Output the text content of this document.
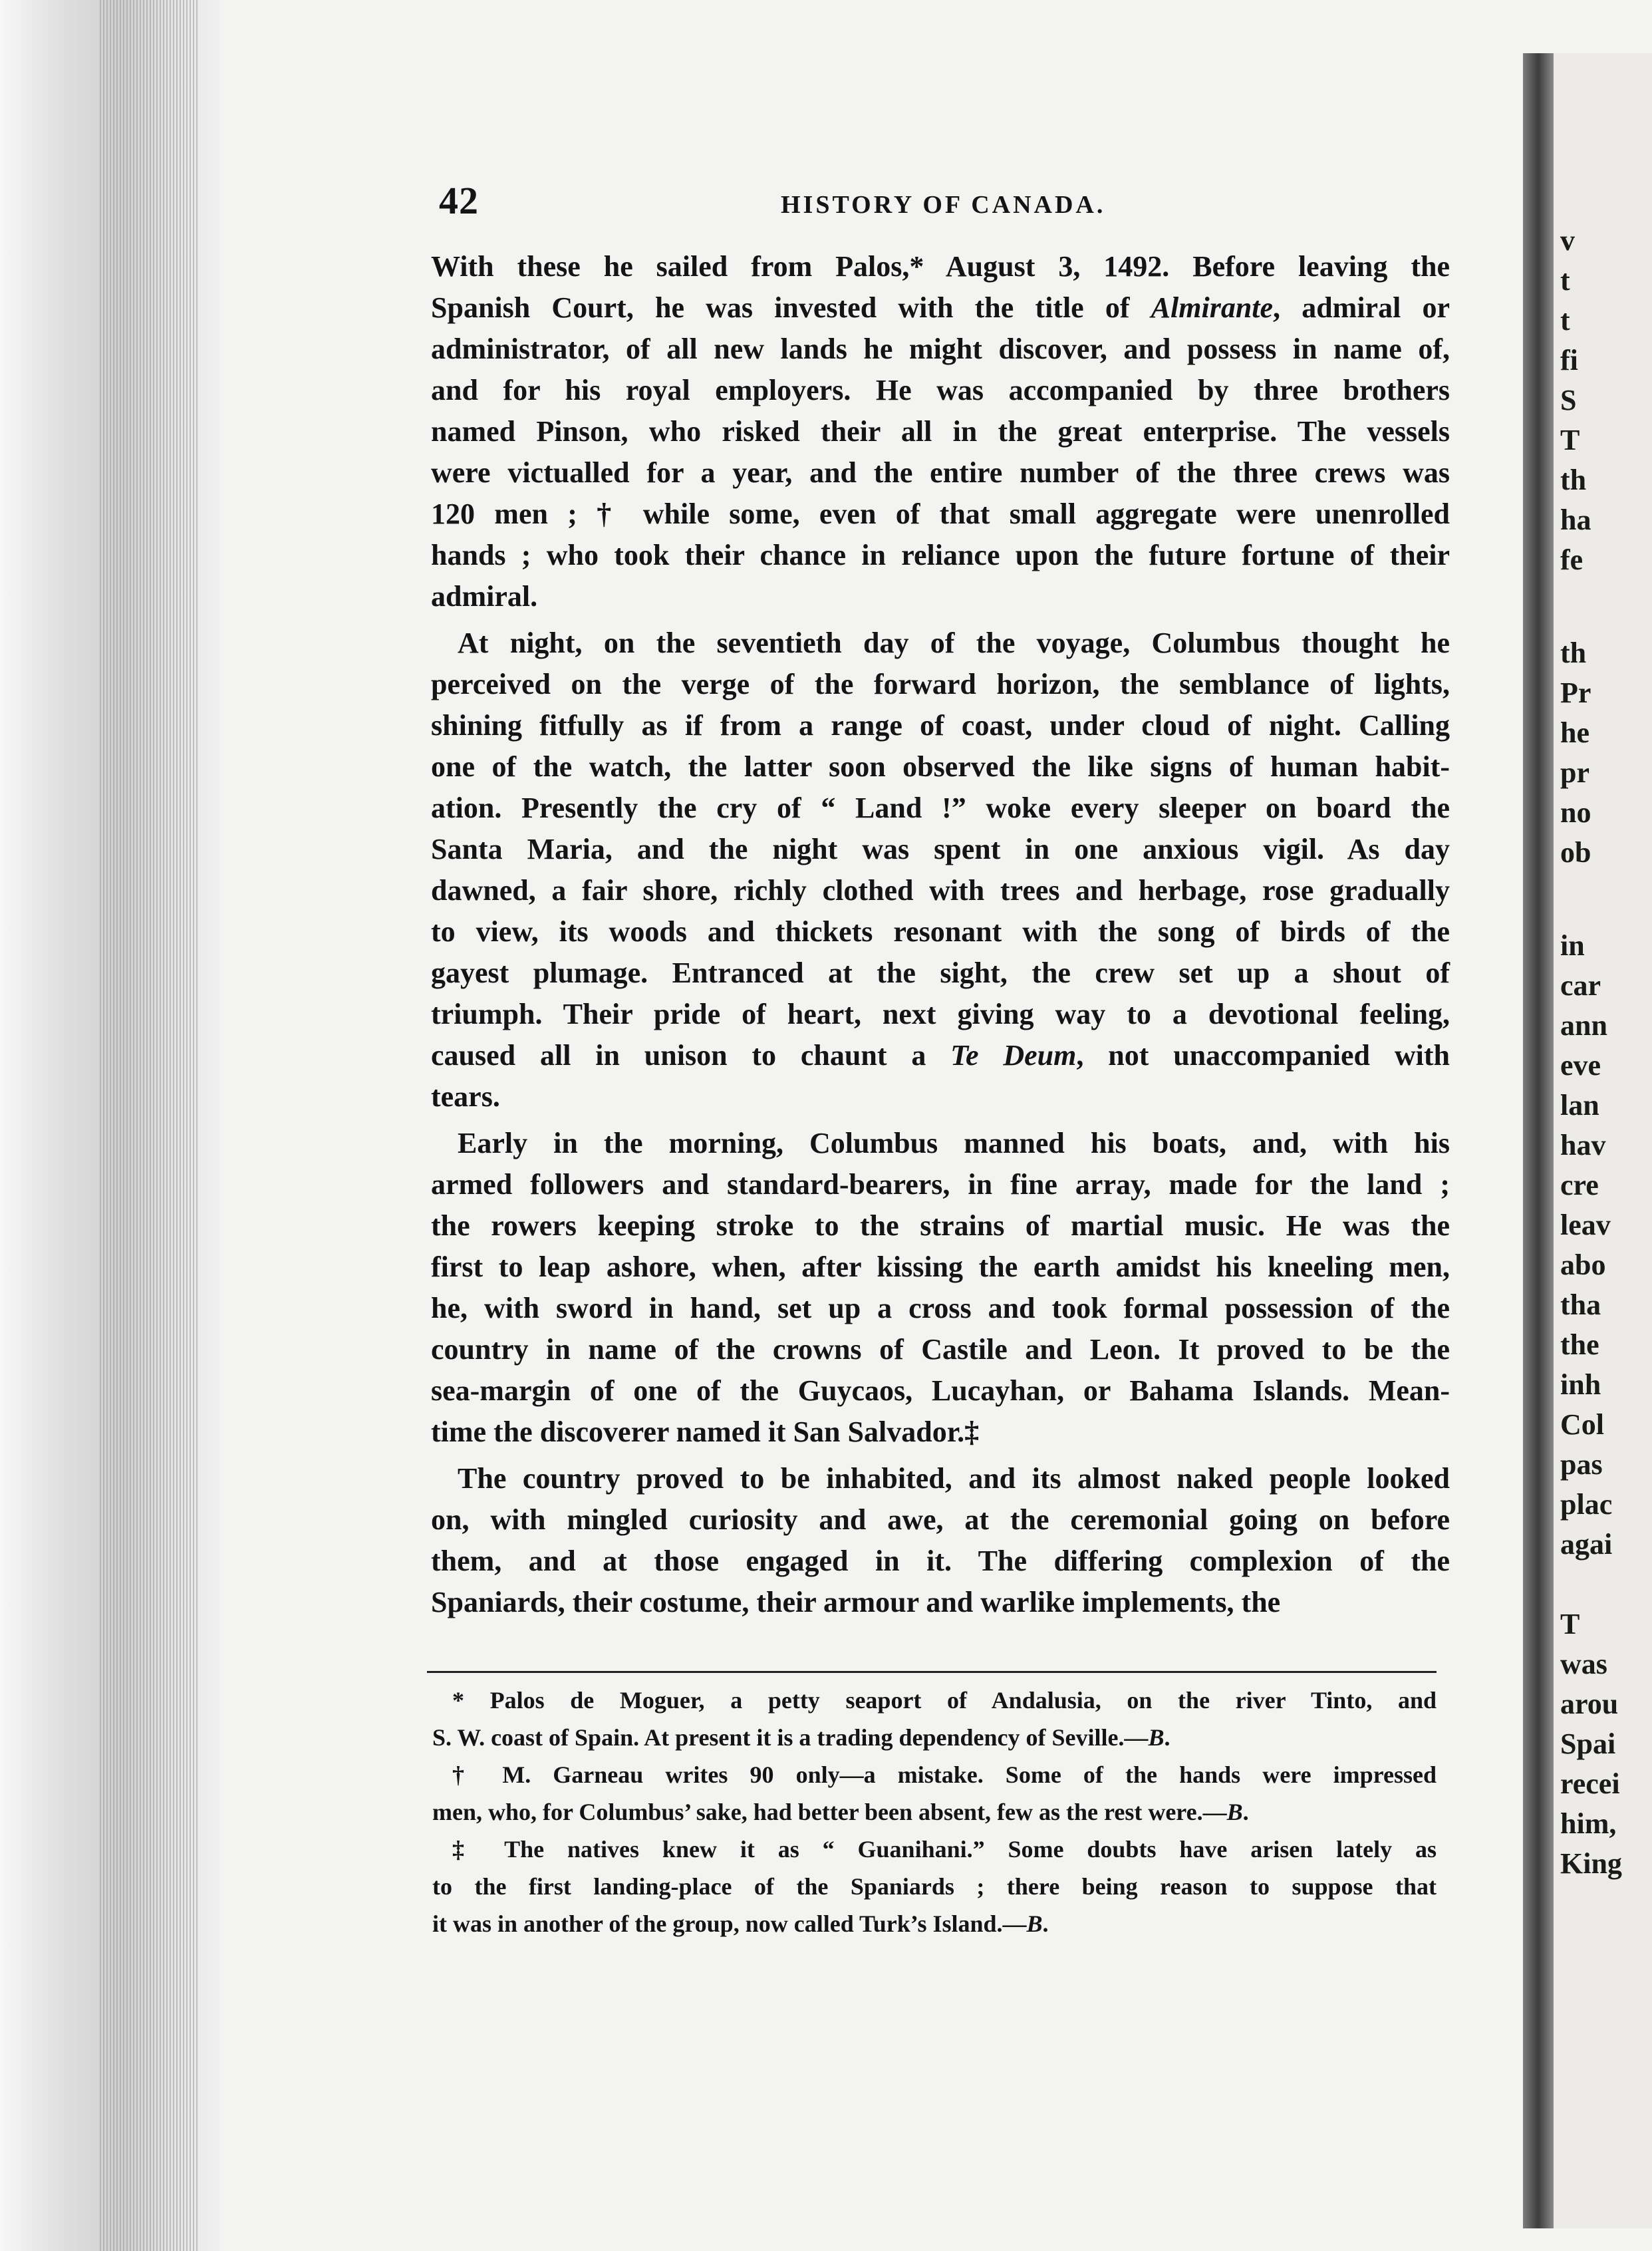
v
t
t
fi
S
T
th
ha
fe
th
Pr
he
pr
no
ob
in
car
ann
eve
lan
hav
cre
leav
abo
tha
the
inh
Col
pas
plac
agai
T
was
arou
Spai
recei
him,
King
42	HISTORY OF CANADA.
With these he sailed from Palos,* August 3, 1492. Before leaving the
Spanish Court, he was invested with the title of Almirante, admiral or
administrator, of all new lands he might discover, and possess in name of,
and for his royal employers. He was accompanied by three brothers
named Pinson, who risked their all in the great enterprise. The vessels
were victualled for a year, and the entire number of the three crews was
120 men ; † while some, even of that small aggregate were unenrolled
hands ; who took their chance in reliance upon the future fortune of their
admiral.
At night, on the seventieth day of the voyage, Columbus thought he
perceived on the verge of the forward horizon, the semblance of lights,
shining fitfully as if from a range of coast, under cloud of night. Calling
one of the watch, the latter soon observed the like signs of human habit-
ation. Presently the cry of “ Land !” woke every sleeper on board the
Santa Maria, and the night was spent in one anxious vigil. As day
dawned, a fair shore, richly clothed with trees and herbage, rose gradually
to view, its woods and thickets resonant with the song of birds of the
gayest plumage. Entranced at the sight, the crew set up a shout of
triumph. Their pride of heart, next giving way to a devotional feeling,
caused all in unison to chaunt a Te Deum, not unaccompanied with
tears.
Early in the morning, Columbus manned his boats, and, with his
armed followers and standard-bearers, in fine array, made for the land ;
the rowers keeping stroke to the strains of martial music. He was the
first to leap ashore, when, after kissing the earth amidst his kneeling men,
he, with sword in hand, set up a cross and took formal possession of the
country in name of the crowns of Castile and Leon. It proved to be the
sea-margin of one of the Guycaos, Lucayhan, or Bahama Islands. Mean-
time the discoverer named it San Salvador.‡
The country proved to be inhabited, and its almost naked people looked
on, with mingled curiosity and awe, at the ceremonial going on before
them, and at those engaged in it. The differing complexion of the
Spaniards, their costume, their armour and warlike implements, the
* Palos de Moguer, a petty seaport of Andalusia, on the river Tinto, and
S. W. coast of Spain. At present it is a trading dependency of Seville.—B.
† M. Garneau writes 90 only—a mistake. Some of the hands were impressed
men, who, for Columbus’ sake, had better been absent, few as the rest were.—B.
‡ The natives knew it as “ Guanihani.” Some doubts have arisen lately as
to the first landing-place of the Spaniards ; there being reason to suppose that
it was in another of the group, now called Turk’s Island.—B.
